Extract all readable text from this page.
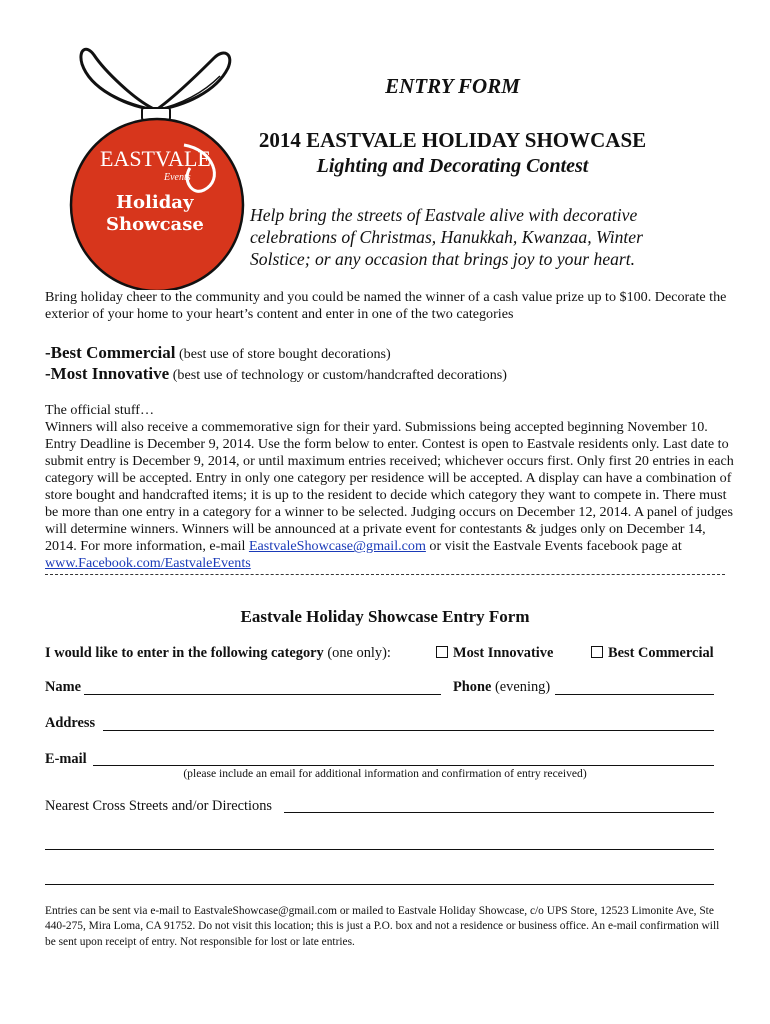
EASTVALE
Events
Holiday
Showcase
ENTRY FORM
2014 EASTVALE HOLIDAY SHOWCASE
Lighting and Decorating Contest
Help bring the streets of Eastvale alive with decorative celebrations of Christmas, Hanukkah, Kwanzaa, Winter Solstice; or any occasion that brings joy to your heart.
Bring holiday cheer to the community and you could be named the winner of a cash value prize up to $100. Decorate the exterior of your home to your heart’s content and enter in one of the two categories
-Best Commercial (best use of store bought decorations)
-Most Innovative (best use of technology or custom/handcrafted decorations)
The official stuff…
Winners will also receive a commemorative sign for their yard. Submissions being accepted beginning November 10. Entry Deadline is December 9, 2014. Use the form below to enter. Contest is open to Eastvale residents only. Last date to submit entry is December 9, 2014, or until maximum entries received; whichever occurs first. Only first 20 entries in each category will be accepted. Entry in only one category per residence will be accepted. A display can have a combination of store bought and handcrafted items; it is up to the resident to decide which category they want to compete in. There must be more than one entry in a category for a winner to be selected. Judging occurs on December 12, 2014. A panel of judges will determine winners. Winners will be announced at a private event for contestants & judges only on December 14, 2014. For more information, e-mail EastvaleShowcase@gmail.com or visit the Eastvale Events facebook page at www.Facebook.com/EastvaleEvents
Eastvale Holiday Showcase Entry Form
I would like to enter in the following category (one only):	Most Innovative	Best Commercial
Name	Phone (evening)
Address
E-mail
(please include an email for additional information and confirmation of entry received)
Nearest Cross Streets and/or Directions
Entries can be sent via e-mail to EastvaleShowcase@gmail.com or mailed to Eastvale Holiday Showcase, c/o UPS Store, 12523 Limonite Ave, Ste 440-275, Mira Loma, CA 91752. Do not visit this location; this is just a P.O. box and not a residence or business office. An e-mail confirmation will be sent upon receipt of entry. Not responsible for lost or late entries.
